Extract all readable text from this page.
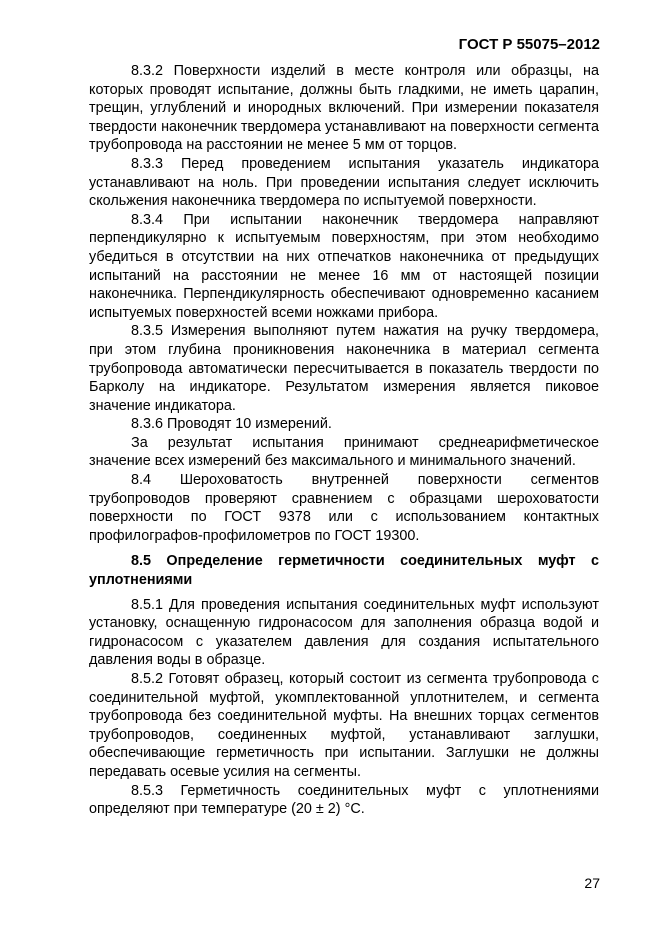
ГОСТ Р 55075–2012

8.3.2 Поверхности изделий в месте контроля или образцы, на которых проводят испытание, должны быть гладкими, не иметь царапин, трещин, углублений и инородных включений. При измерении показателя твердости наконечник твердомера устанавливают на поверхности сегмента трубопровода на расстоянии не менее 5 мм от торцов.

8.3.3 Перед проведением испытания указатель индикатора устанавливают на ноль. При проведении испытания следует исключить скольжения наконечника твердомера по испытуемой поверхности.

8.3.4 При испытании наконечник твердомера направляют перпендикулярно к испытуемым поверхностям, при этом необходимо убедиться в отсутствии на них отпечатков наконечника от предыдущих испытаний на расстоянии не менее 16 мм от настоящей позиции наконечника. Перпендикулярность обеспечивают одновременно касанием испытуемых поверхностей всеми ножками прибора.

8.3.5 Измерения выполняют путем нажатия на ручку твердомера, при этом глубина проникновения наконечника в материал сегмента трубопровода автоматически пересчитывается в показатель твердости по Барколу на индикаторе. Результатом измерения является пиковое значение индикатора.

8.3.6 Проводят 10 измерений.

За результат испытания принимают среднеарифметическое значение всех измерений без максимального и минимального значений.

8.4 Шероховатость внутренней поверхности сегментов трубопроводов проверяют сравнением с образцами шероховатости поверхности по ГОСТ 9378 или с использованием контактных профилографов-профилометров по ГОСТ 19300.

8.5 Определение герметичности соединительных муфт с уплотнениями

8.5.1 Для проведения испытания соединительных муфт используют установку, оснащенную гидронасосом для заполнения образца водой и гидронасосом с указателем давления для создания испытательного давления воды в образце.

8.5.2 Готовят образец, который состоит из сегмента трубопровода с соединительной муфтой, укомплектованной уплотнителем, и сегмента трубопровода без соединительной муфты. На внешних торцах сегментов трубопроводов, соединенных муфтой, устанавливают заглушки, обеспечивающие герметичность при испытании. Заглушки не должны передавать осевые усилия на сегменты.

8.5.3 Герметичность соединительных муфт с уплотнениями определяют при температуре (20 ± 2) °С.

27
